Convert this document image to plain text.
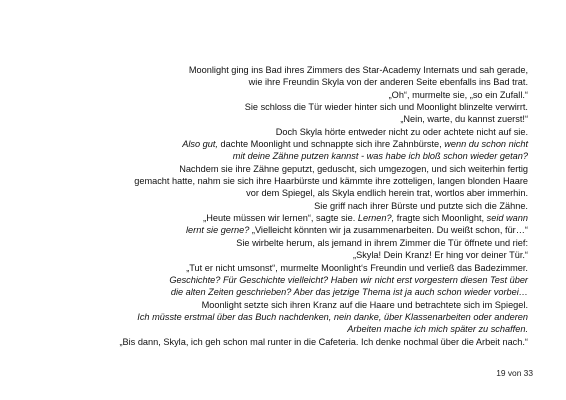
Moonlight ging ins Bad ihres Zimmers des Star-Academy Internats und sah gerade,
wie ihre Freundin Skyla von der anderen Seite ebenfalls ins Bad trat.
„Oh“, murmelte sie, „so ein Zufall.“
Sie schloss die Tür wieder hinter sich und Moonlight blinzelte verwirrt.
„Nein, warte, du kannst zuerst!“
Doch Skyla hörte entweder nicht zu oder achtete nicht auf sie.
Also gut, dachte Moonlight und schnappte sich ihre Zahnbürste, wenn du schon nicht
mit deine Zähne putzen kannst - was habe ich bloß schon wieder getan?
Nachdem sie ihre Zähne geputzt, geduscht, sich umgezogen, und sich weiterhin fertig
gemacht hatte, nahm sie sich ihre Haarbürste und kämmte ihre zotteligen, langen blonden Haare
vor dem Spiegel, als Skyla endlich herein trat, wortlos aber immerhin.
Sie griff nach ihrer Bürste und putzte sich die Zähne.
„Heute müssen wir lernen“, sagte sie. Lernen?, fragte sich Moonlight, seid wann
lernt sie gerne? „Vielleicht könnten wir ja zusammenarbeiten. Du weißt schon, für…“
Sie wirbelte herum, als jemand in ihrem Zimmer die Tür öffnete und rief:
„Skyla! Dein Kranz! Er hing vor deiner Tür.“
„Tut er nicht umsonst“, murmelte Moonlight‘s Freundin und verließ das Badezimmer.
Geschichte? Für Geschichte vielleicht? Haben wir nicht erst vorgestern diesen Test über
die alten Zeiten geschrieben? Aber das jetzige Thema ist ja auch schon wieder vorbei…
Moonlight setzte sich ihren Kranz auf die Haare und betrachtete sich im Spiegel.
Ich müsste erstmal über das Buch nachdenken, nein danke, über Klassenarbeiten oder anderen
Arbeiten mache ich mich später zu schaffen.
„Bis dann, Skyla, ich geh schon mal runter in die Cafeteria. Ich denke nochmal über die Arbeit nach.“
19 von 33
